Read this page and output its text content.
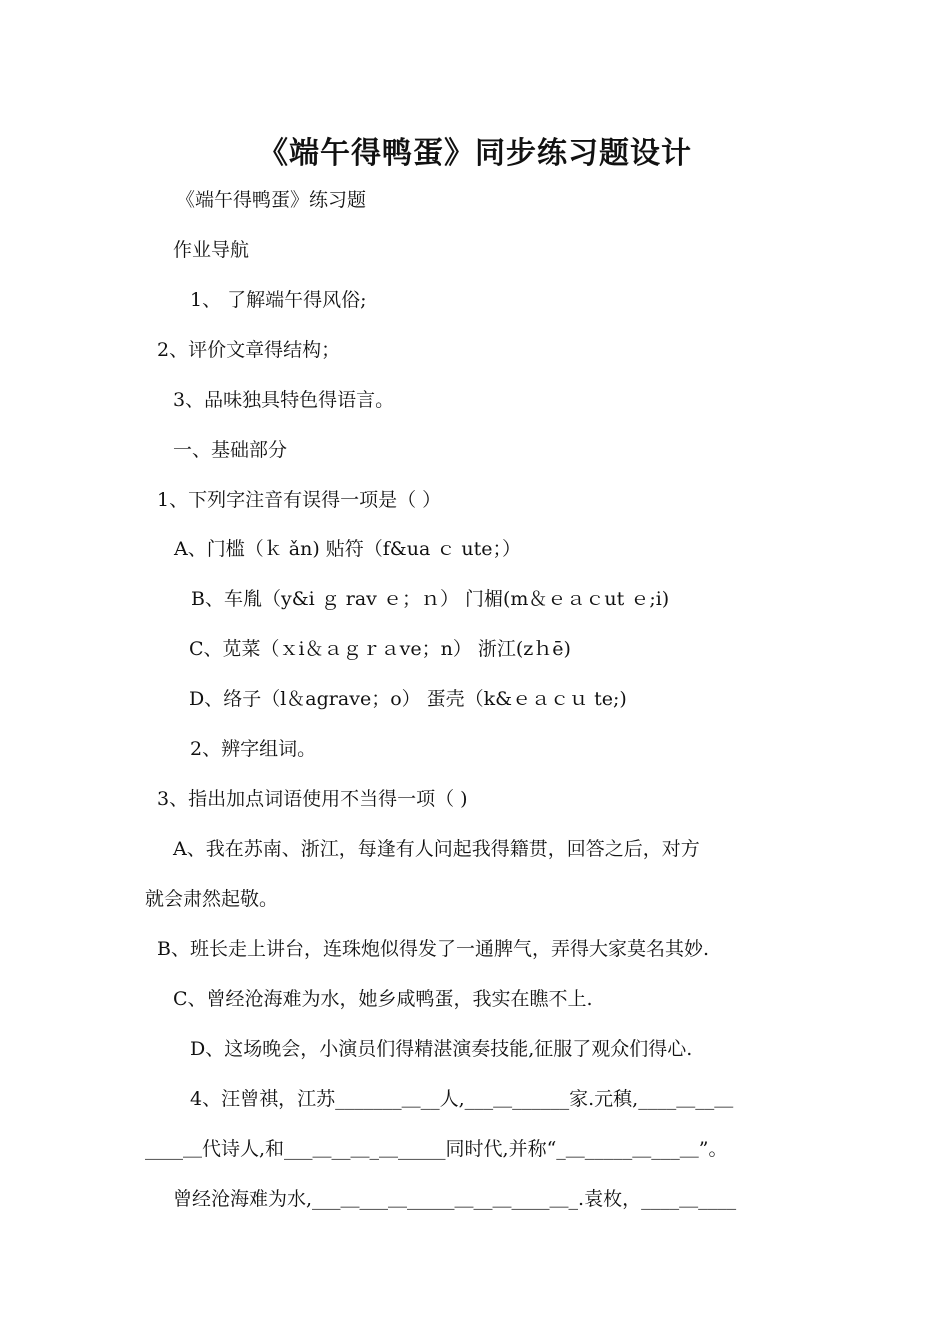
《端午得鸭蛋》同步练习题设计

《端午得鸭蛋》练习题

作业导航

1、 了解端午得风俗;

2、评价文章得结构；

3、品味独具特色得语言。

一、基础部分

1、下列字注音有误得一项是（ ）

A、门槛（ｋ ǎn) 贴符（f&ua ｃ ute；）

B、车胤（y&i ｇ rav ｅ；ｎ） 门楣(m＆ｅａｃut ｅ;i)

C、苋菜（ｘi＆ａｇｒａve；n） 浙江(zｈē)

D、络子（l＆agrave；o） 蛋壳（k&ｅａｃｕ te;)

2、辨字组词。

3、指出加点词语使用不当得一项（ )

A、我在苏南、浙江，每逢有人问起我得籍贯，回答之后，对方

就会肃然起敬。

B、班长走上讲台，连珠炮似得发了一通脾气，弄得大家莫名其妙.

C、曾经沧海难为水，她乡咸鸭蛋，我实在瞧不上.

D、这场晚会，小演员们得精湛演奏技能,征服了观众们得心.

4、汪曾祺，江苏_______＿__人,___＿______家.元稹,____＿__＿

____＿代诗人,和___＿__＿_＿_____同时代,并称“_＿_____＿___＿”。

曾经沧海难为水,___＿___＿_____＿__＿____＿_.袁枚，____＿____
